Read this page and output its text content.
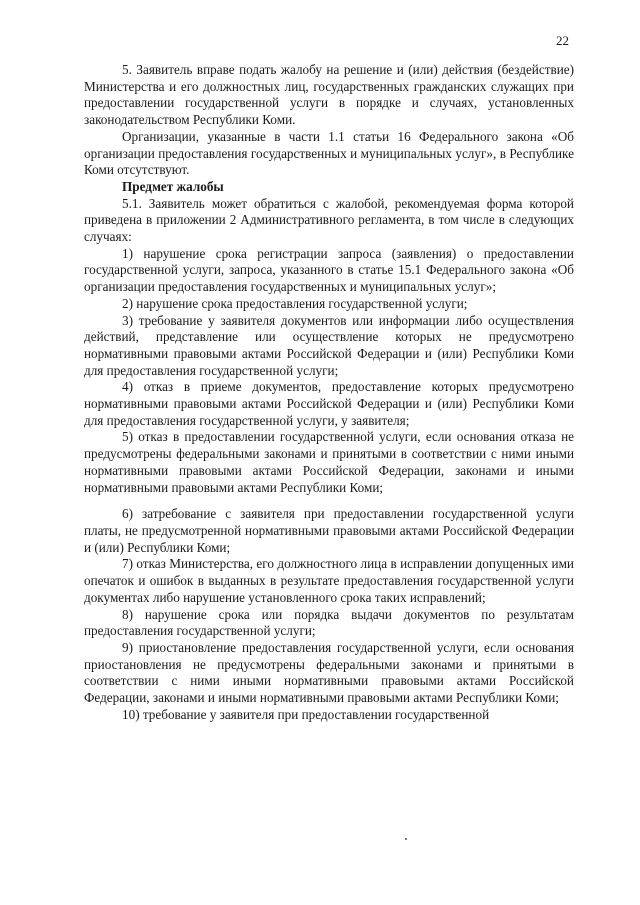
22

5. Заявитель вправе подать жалобу на решение и (или) действия (бездействие) Министерства и его должностных лиц, государственных гражданских служащих при предоставлении государственной услуги в порядке и случаях, установленных законодательством Республики Коми.

Организации, указанные в части 1.1 статьи 16 Федерального закона «Об организации предоставления государственных и муниципальных услуг», в Республике Коми отсутствуют.

Предмет жалобы

5.1. Заявитель может обратиться с жалобой, рекомендуемая форма которой приведена в приложении 2 Административного регламента, в том числе в следующих случаях:

1) нарушение срока регистрации запроса (заявления) о предоставлении государственной услуги, запроса, указанного в статье 15.1 Федерального закона «Об организации предоставления государственных и муниципальных услуг»;

2) нарушение срока предоставления государственной услуги;

3) требование у заявителя документов или информации либо осуществления действий, представление или осуществление которых не предусмотрено нормативными правовыми актами Российской Федерации и (или) Республики Коми для предоставления государственной услуги;

4) отказ в приеме документов, предоставление которых предусмотрено нормативными правовыми актами Российской Федерации и (или) Республики Коми для предоставления государственной услуги, у заявителя;

5) отказ в предоставлении государственной услуги, если основания отказа не предусмотрены федеральными законами и принятыми в соответствии с ними иными нормативными правовыми актами Российской Федерации, законами и иными нормативными правовыми актами Республики Коми;

6) затребование с заявителя при предоставлении государственной услуги платы, не предусмотренной нормативными правовыми актами Российской Федерации и (или) Республики Коми;

7) отказ Министерства, его должностного лица в исправлении допущенных ими опечаток и ошибок в выданных в результате предоставления государственной услуги документах либо нарушение установленного срока таких исправлений;

8) нарушение срока или порядка выдачи документов по результатам предоставления государственной услуги;

9) приостановление предоставления государственной услуги, если основания приостановления не предусмотрены федеральными законами и принятыми в соответствии с ними иными нормативными правовыми актами Российской Федерации, законами и иными нормативными правовыми актами Республики Коми;

10) требование у заявителя при предоставлении государственной
